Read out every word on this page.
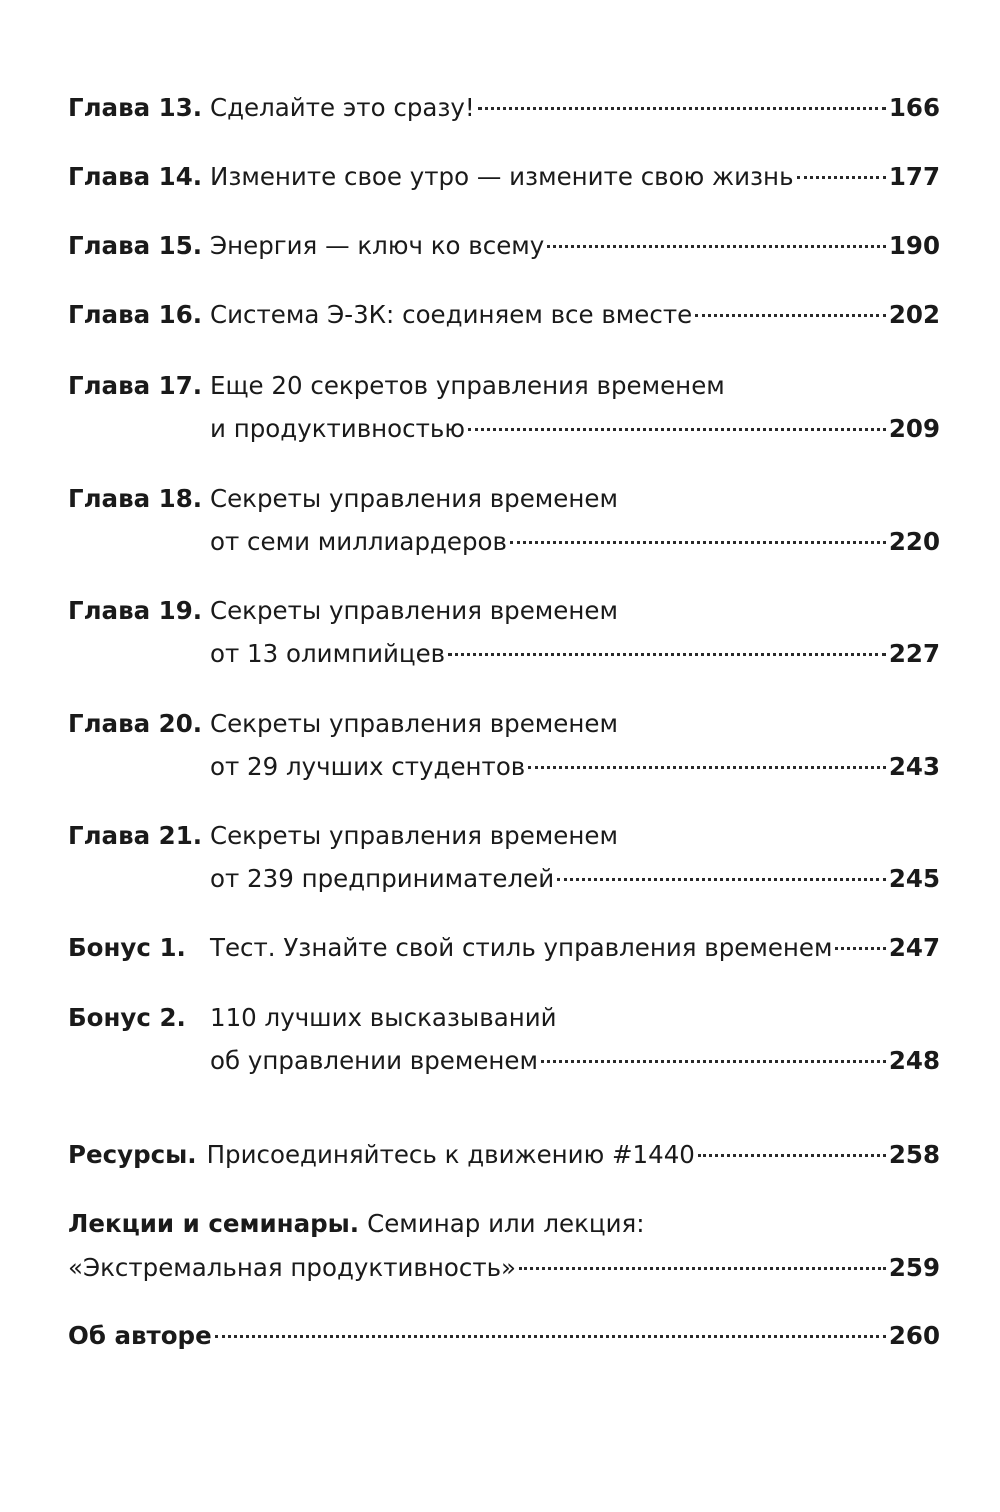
Глава 13. Сделайте это сразу!	166
Глава 14. Измените свое утро — измените свою жизнь	177
Глава 15. Энергия — ключ ко всему	190
Глава 16. Система Э-3К: соединяем все вместе	202
Глава 17. Еще 20 секретов управления временем
и продуктивностью	209
Глава 18. Секреты управления временем
от семи миллиардеров	220
Глава 19. Секреты управления временем
от 13 олимпийцев	227
Глава 20. Секреты управления временем
от 29 лучших студентов	243
Глава 21. Секреты управления временем
от 239 предпринимателей	245
Бонус 1. Тест. Узнайте свой стиль управления временем 247
Бонус 2. 110 лучших высказываний
об управлении временем	248
Ресурсы. Присоединяйтесь к движению #1440	258
Лекции и семинары. Семинар или лекция:
«Экстремальная продуктивность»	259
Об авторе	260
